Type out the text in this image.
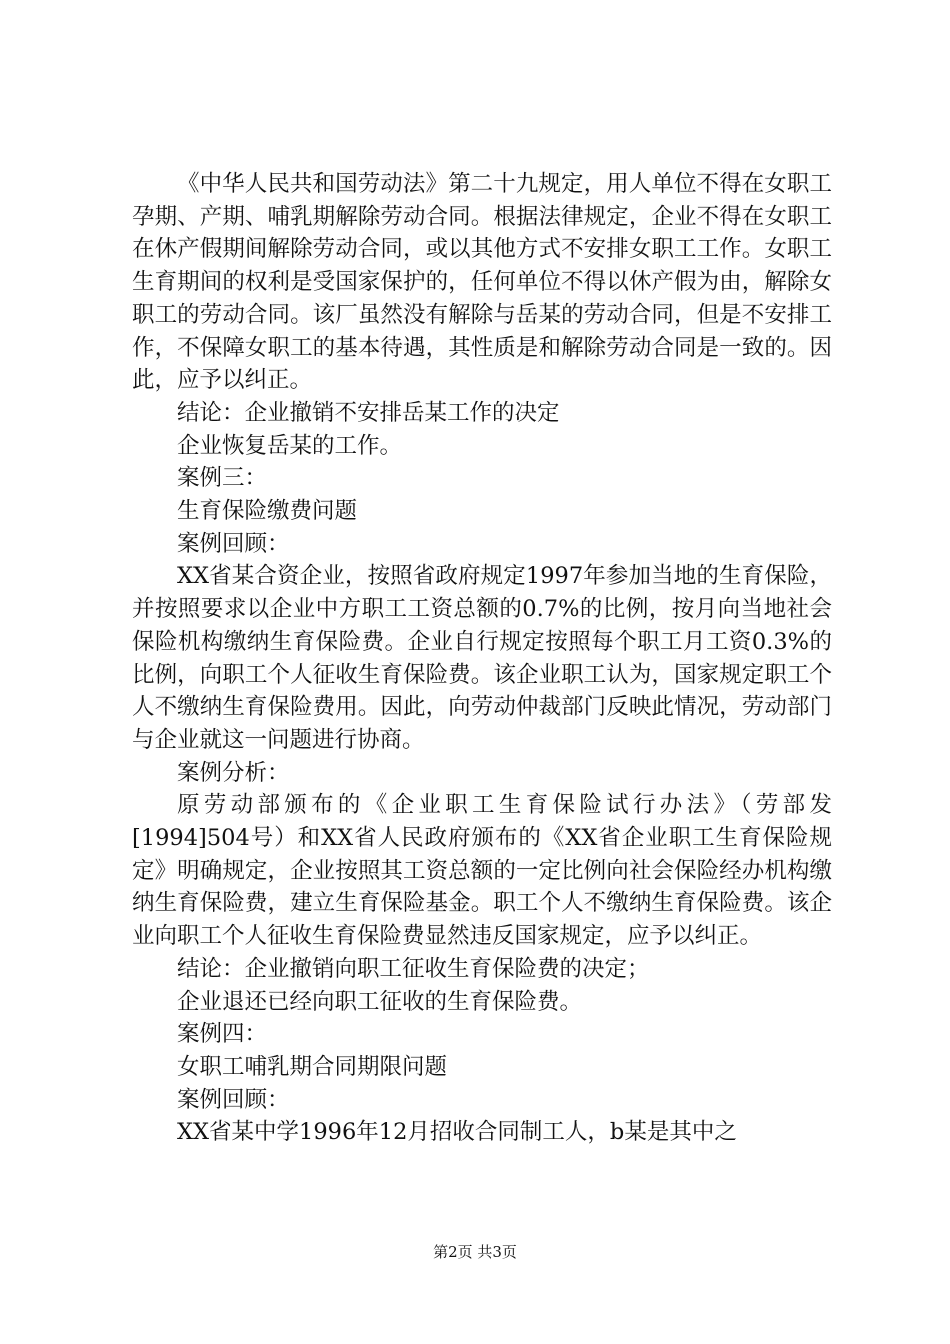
《中华人民共和国劳动法》第二十九规定，用人单位不得在女职工孕期、产期、哺乳期解除劳动合同。根据法律规定，企业不得在女职工在休产假期间解除劳动合同，或以其他方式不安排女职工工作。女职工生育期间的权利是受国家保护的，任何单位不得以休产假为由，解除女职工的劳动合同。该厂虽然没有解除与岳某的劳动合同，但是不安排工作，不保障女职工的基本待遇，其性质是和解除劳动合同是一致的。因此，应予以纠正。

结论：企业撤销不安排岳某工作的决定

企业恢复岳某的工作。

案例三：

生育保险缴费问题

案例回顾：

XX省某合资企业，按照省政府规定1997年参加当地的生育保险，并按照要求以企业中方职工工资总额的0.7%的比例，按月向当地社会保险机构缴纳生育保险费。企业自行规定按照每个职工月工资0.3%的比例，向职工个人征收生育保险费。该企业职工认为，国家规定职工个人不缴纳生育保险费用。因此，向劳动仲裁部门反映此情况，劳动部门与企业就这一问题进行协商。

案例分析：

原劳动部颁布的《企业职工生育保险试行办法》（劳部发[1994]504号）和XX省人民政府颁布的《XX省企业职工生育保险规定》明确规定，企业按照其工资总额的一定比例向社会保险经办机构缴纳生育保险费，建立生育保险基金。职工个人不缴纳生育保险费。该企业向职工个人征收生育保险费显然违反国家规定，应予以纠正。

结论：企业撤销向职工征收生育保险费的决定；

企业退还已经向职工征收的生育保险费。

案例四：

女职工哺乳期合同期限问题

案例回顾：

XX省某中学1996年12月招收合同制工人，b某是其中之

第2页 共3页
